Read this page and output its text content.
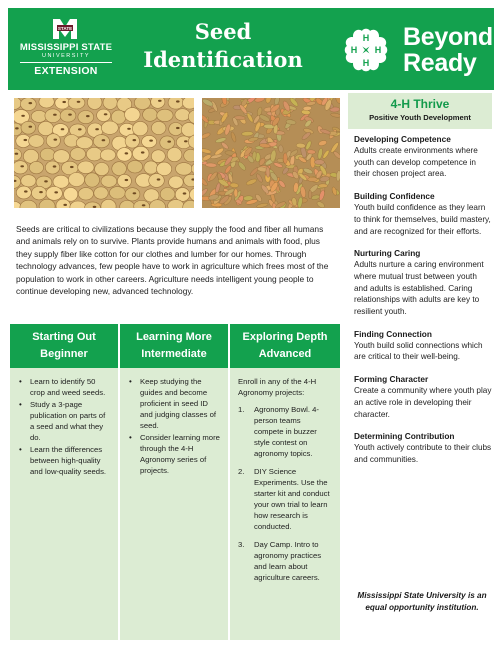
STATE
MISSISSIPPI STATE
UNIVERSITY
EXTENSION
Seed
Identification
H
H
H
H Beyond
Ready
4-H Thrive
Positive Youth Development
Developing Competence
Adults create environments where youth can develop competence in their chosen project area.
Building Confidence
Youth build confidence as they learn to think for themselves, build mastery, and are recognized for their efforts.
Nurturing Caring
Adults nurture a caring environment where mutual trust between youth and adults is established. Caring relationships with adults are key to resilient youth.
Finding Connection
Youth build solid connections which are critical to their well-being.
Forming Character
Create a community where youth play an active role in developing their character.
Determining Contribution
Youth actively contribute to their clubs and communities.
Mississippi State University is an equal opportunity institution.

Seeds are critical to civilizations because they supply the food and fiber all humans and animals rely on to survive. Plants provide humans and animals with food, plus they supply fiber like cotton for our clothes and lumber for our homes. Through technology advances, few people have to work in agriculture which frees most of the population to work in other careers. Agriculture needs intelligent young people to continue developing new, advanced technology.

Starting Out
Beginner
• Learn to identify 50 crop and weed seeds.
• Study a 3-page publication on parts of a seed and what they do.
• Learn the differences between high-quality and low-quality seeds.
Learning More
Intermediate
• Keep studying the guides and become proficient in seed ID and judging classes of seed.
• Consider learning more through the 4-H Agronomy series of projects.
Exploring Depth
Advanced
Enroll in any of the 4-H Agronomy projects:
1. Agronomy Bowl. 4-person teams compete in buzzer style contest on agronomy topics.
2. DIY Science Experiments. Use the starter kit and conduct your own trial to learn how research is conducted.
3. Day Camp. Intro to agronomy practices and learn about agriculture careers.
